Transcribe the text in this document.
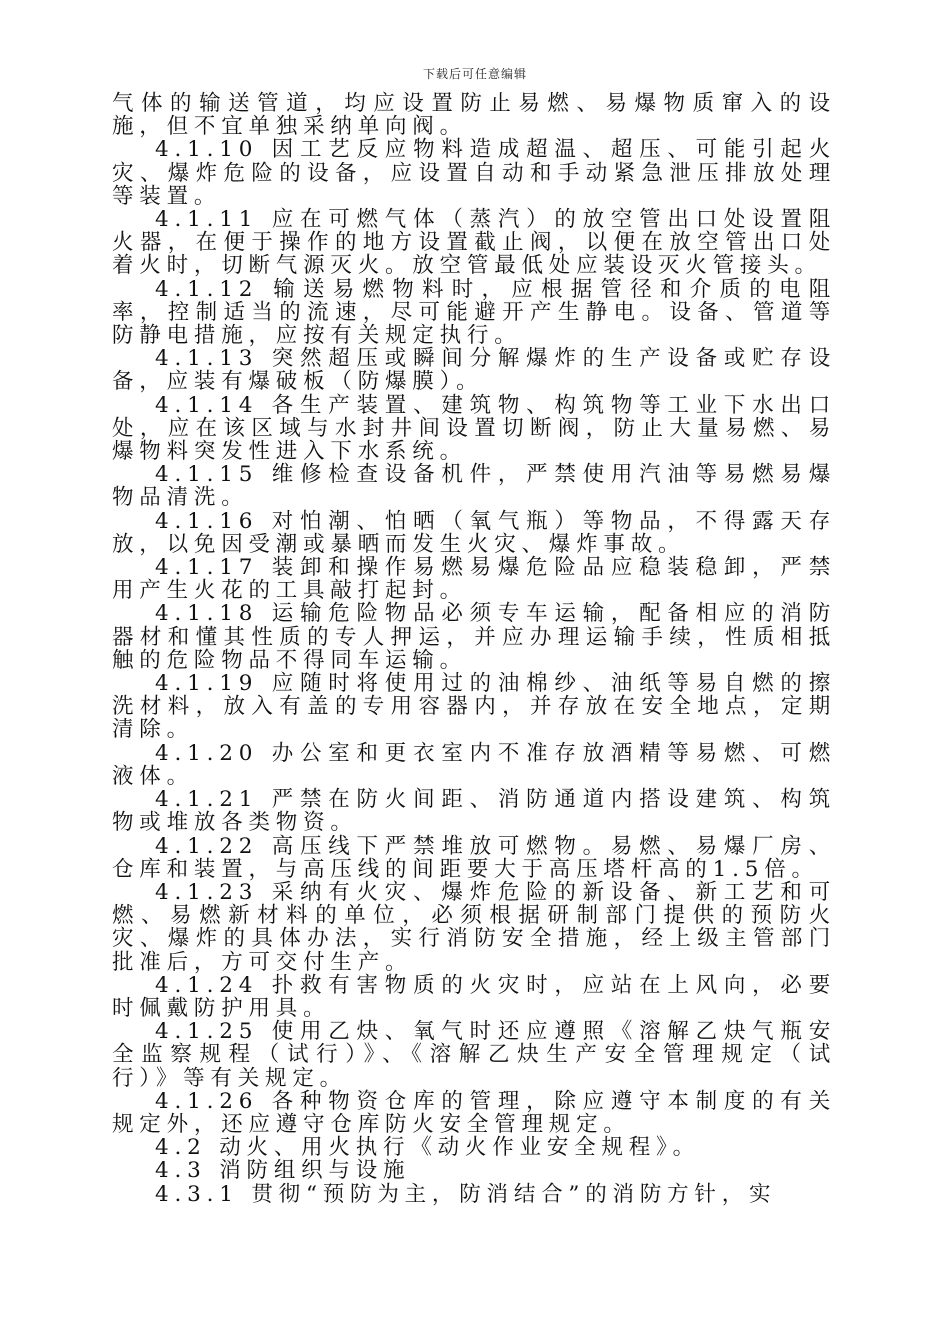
下载后可任意编辑

气体的输送管道，均应设置防止易燃、易爆物质窜入的设施，但不宜单独采纳单向阀。

4.1.10 因工艺反应物料造成超温、超压、可能引起火灾、爆炸危险的设备，应设置自动和手动紧急泄压排放处理等装置。

4.1.11 应在可燃气体（蒸汽）的放空管出口处设置阻火器，在便于操作的地方设置截止阀，以便在放空管出口处着火时，切断气源灭火。放空管最低处应装设灭火管接头。

4.1.12 输送易燃物料时，应根据管径和介质的电阻率，控制适当的流速，尽可能避开产生静电。设备、管道等防静电措施，应按有关规定执行。

4.1.13 突然超压或瞬间分解爆炸的生产设备或贮存设备，应装有爆破板（防爆膜）。

4.1.14 各生产装置、建筑物、构筑物等工业下水出口处，应在该区域与水封井间设置切断阀，防止大量易燃、易爆物料突发性进入下水系统。

4.1.15 维修检查设备机件，严禁使用汽油等易燃易爆物品清洗。

4.1.16 对怕潮、怕晒（氧气瓶）等物品，不得露天存放，以免因受潮或暴晒而发生火灾、爆炸事故。

4.1.17 装卸和操作易燃易爆危险品应稳装稳卸，严禁用产生火花的工具敲打起封。

4.1.18 运输危险物品必须专车运输，配备相应的消防器材和懂其性质的专人押运，并应办理运输手续，性质相抵触的危险物品不得同车运输。

4.1.19 应随时将使用过的油棉纱、油纸等易自燃的擦洗材料，放入有盖的专用容器内，并存放在安全地点，定期清除。

4.1.20 办公室和更衣室内不准存放酒精等易燃、可燃液体。

4.1.21 严禁在防火间距、消防通道内搭设建筑、构筑物或堆放各类物资。

4.1.22 高压线下严禁堆放可燃物。易燃、易爆厂房、仓库和装置，与高压线的间距要大于高压塔杆高的1.5倍。

4.1.23 采纳有火灾、爆炸危险的新设备、新工艺和可燃、易燃新材料的单位，必须根据研制部门提供的预防火灾、爆炸的具体办法，实行消防安全措施，经上级主管部门批准后，方可交付生产。

4.1.24 扑救有害物质的火灾时，应站在上风向，必要时佩戴防护用具。

4.1.25 使用乙炔、氧气时还应遵照《溶解乙炔气瓶安全监察规程（试行）》、《溶解乙炔生产安全管理规定（试行）》等有关规定。

4.1.26 各种物资仓库的管理，除应遵守本制度的有关规定外，还应遵守仓库防火安全管理规定。

4.2 动火、用火执行《动火作业安全规程》。

4.3 消防组织与设施

4.3.1 贯彻“预防为主，防消结合”的消防方针，实
